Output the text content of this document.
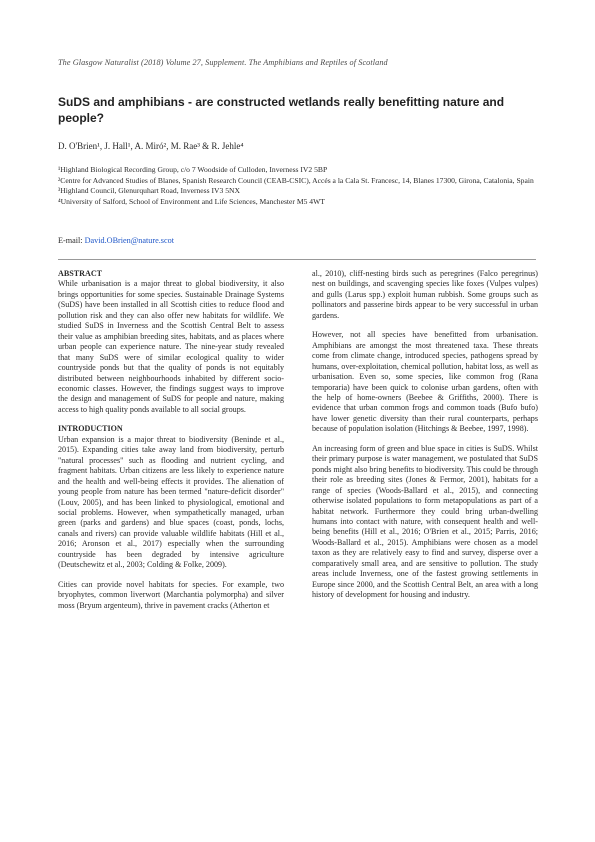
The Glasgow Naturalist (2018) Volume 27, Supplement. The Amphibians and Reptiles of Scotland
SuDS and amphibians - are constructed wetlands really benefitting nature and people?
D. O'Brien¹, J. Hall¹, A. Miró², M. Rae³ & R. Jehle⁴
¹Highland Biological Recording Group, c/o 7 Woodside of Culloden, Inverness IV2 5BP
²Centre for Advanced Studies of Blanes, Spanish Research Council (CEAB-CSIC), Accés a la Cala St. Francesc, 14, Blanes 17300, Girona, Catalonia, Spain
³Highland Council, Glenurquhart Road, Inverness IV3 5NX
⁴University of Salford, School of Environment and Life Sciences, Manchester M5 4WT
E-mail: David.OBrien@nature.scot
ABSTRACT

While urbanisation is a major threat to global biodiversity, it also brings opportunities for some species. Sustainable Drainage Systems (SuDS) have been installed in all Scottish cities to reduce flood and pollution risk and they can also offer new habitats for wildlife. We studied SuDS in Inverness and the Scottish Central Belt to assess their value as amphibian breeding sites, habitats, and as places where urban people can experience nature. The nine-year study revealed that many SuDS were of similar ecological quality to wider countryside ponds but that the quality of ponds is not equitably distributed between neighbourhoods inhabited by different socio-economic classes. However, the findings suggest ways to improve the design and management of SuDS for people and nature, making access to high quality ponds available to all social groups.

INTRODUCTION

Urban expansion is a major threat to biodiversity (Beninde et al., 2015). Expanding cities take away land from biodiversity, perturb "natural processes" such as flooding and nutrient cycling, and fragment habitats. Urban citizens are less likely to experience nature and the health and well-being effects it provides. The alienation of young people from nature has been termed "nature-deficit disorder" (Louv, 2005), and has been linked to physiological, emotional and social problems. However, when sympathetically managed, urban green (parks and gardens) and blue spaces (coast, ponds, lochs, canals and rivers) can provide valuable wildlife habitats (Hill et al., 2016; Aronson et al., 2017) especially when the surrounding countryside has been degraded by intensive agriculture (Deutschewitz et al., 2003; Colding & Folke, 2009).

Cities can provide novel habitats for species. For example, two bryophytes, common liverwort (Marchantia polymorpha) and silver moss (Bryum argenteum), thrive in pavement cracks (Atherton et

al., 2010), cliff-nesting birds such as peregrines (Falco peregrinus) nest on buildings, and scavenging species like foxes (Vulpes vulpes) and gulls (Larus spp.) exploit human rubbish. Some groups such as pollinators and passerine birds appear to be very successful in urban gardens.

However, not all species have benefitted from urbanisation. Amphibians are amongst the most threatened taxa. These threats come from climate change, introduced species, pathogens spread by humans, over-exploitation, chemical pollution, habitat loss, as well as urbanisation. Even so, some species, like common frog (Rana temporaria) have been quick to colonise urban gardens, often with the help of home-owners (Beebee & Griffiths, 2000). There is evidence that urban common frogs and common toads (Bufo bufo) have lower genetic diversity than their rural counterparts, perhaps because of population isolation (Hitchings & Beebee, 1997, 1998).

An increasing form of green and blue space in cities is SuDS. Whilst their primary purpose is water management, we postulated that SuDS ponds might also bring benefits to biodiversity. This could be through their role as breeding sites (Jones & Fermor, 2001), habitats for a range of species (Woods-Ballard et al., 2015), and connecting otherwise isolated populations to form metapopulations as part of a habitat network. Furthermore they could bring urban-dwelling humans into contact with nature, with consequent health and well-being benefits (Hill et al., 2016; O'Brien et al., 2015; Parris, 2016; Woods-Ballard et al., 2015). Amphibians were chosen as a model taxon as they are relatively easy to find and survey, disperse over a comparatively small area, and are sensitive to pollution. The study areas include Inverness, one of the fastest growing settlements in Europe since 2000, and the Scottish Central Belt, an area with a long history of development for housing and industry.
